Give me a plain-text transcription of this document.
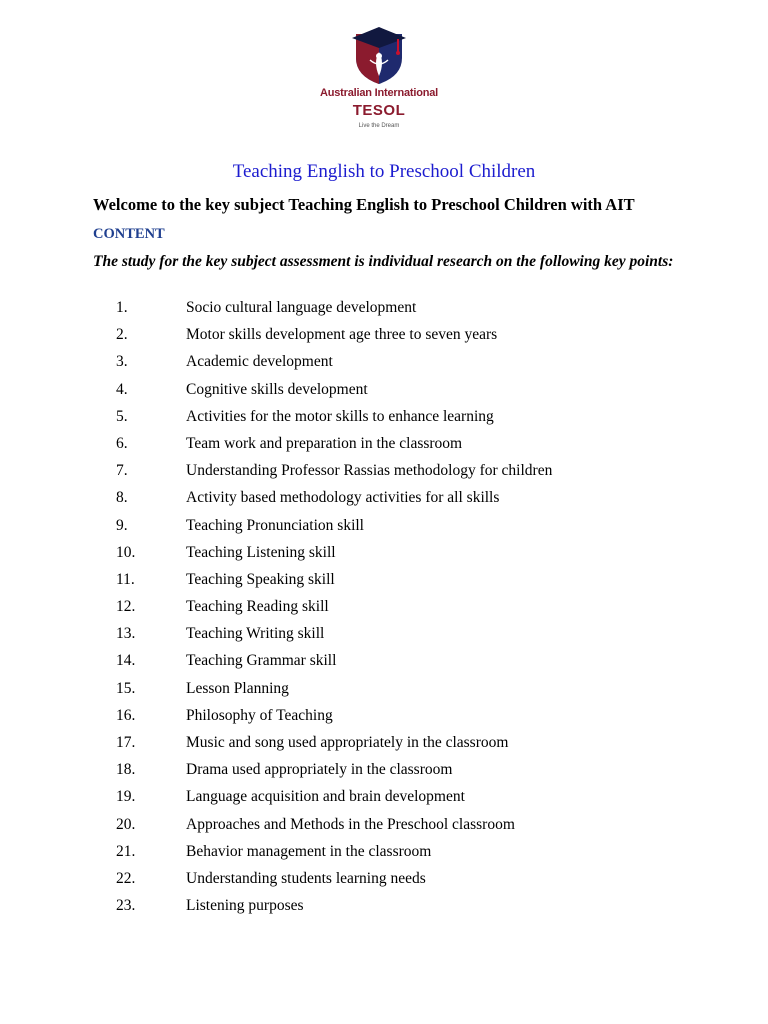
Australian International
TESOL
Live the Dream
Teaching English to Preschool Children

Welcome to the key subject Teaching English to Preschool Children with AIT

CONTENT

The study for the key subject assessment is individual research on the following key points:

1.	Socio cultural language development
2.	Motor skills development age three to seven years
3.	Academic development
4.	Cognitive skills development
5.	Activities for the motor skills to enhance learning
6.	Team work and preparation in the classroom
7.	Understanding Professor Rassias methodology for children
8.	Activity based methodology activities for all skills
9.	Teaching Pronunciation skill
10.	Teaching Listening skill
11.	Teaching Speaking skill
12.	Teaching Reading skill
13.	Teaching Writing skill
14.	Teaching Grammar skill
15.	Lesson Planning
16.	Philosophy of Teaching
17.	Music and song used appropriately in the classroom
18.	Drama used appropriately in the classroom
19.	Language acquisition and brain development
20.	Approaches and Methods in the Preschool classroom
21.	Behavior management in the classroom
22.	Understanding students learning needs
23.	Listening purposes
